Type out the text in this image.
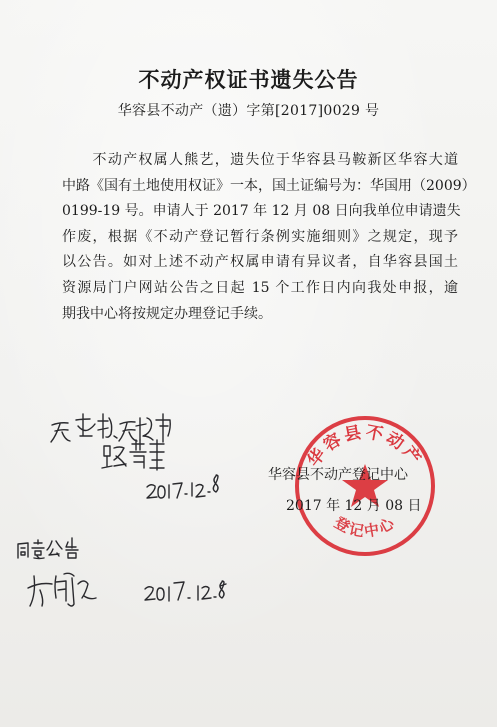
不动产权证书遗失公告
华容县不动产（遗）字第[2017]0029 号
　　不动产权属人熊艺，遗失位于华容县马鞍新区华容大道
中路《国有土地使用权证》一本，国土证编号为：华国用（2009）
0199-19 号。申请人于 2017 年 12 月 08 日向我单位申请遗失
作废，根据《不动产登记暂行条例实施细则》之规定，现予
以公告。如对上述不动产权属申请有异议者，自华容县国土
资源局门户网站公告之日起 15 个工作日内向我处申报，逾
期我中心将按规定办理登记手续。
华容县不动产
登记中心
华容县不动产登记中心
2017 年 12 月 08 日
